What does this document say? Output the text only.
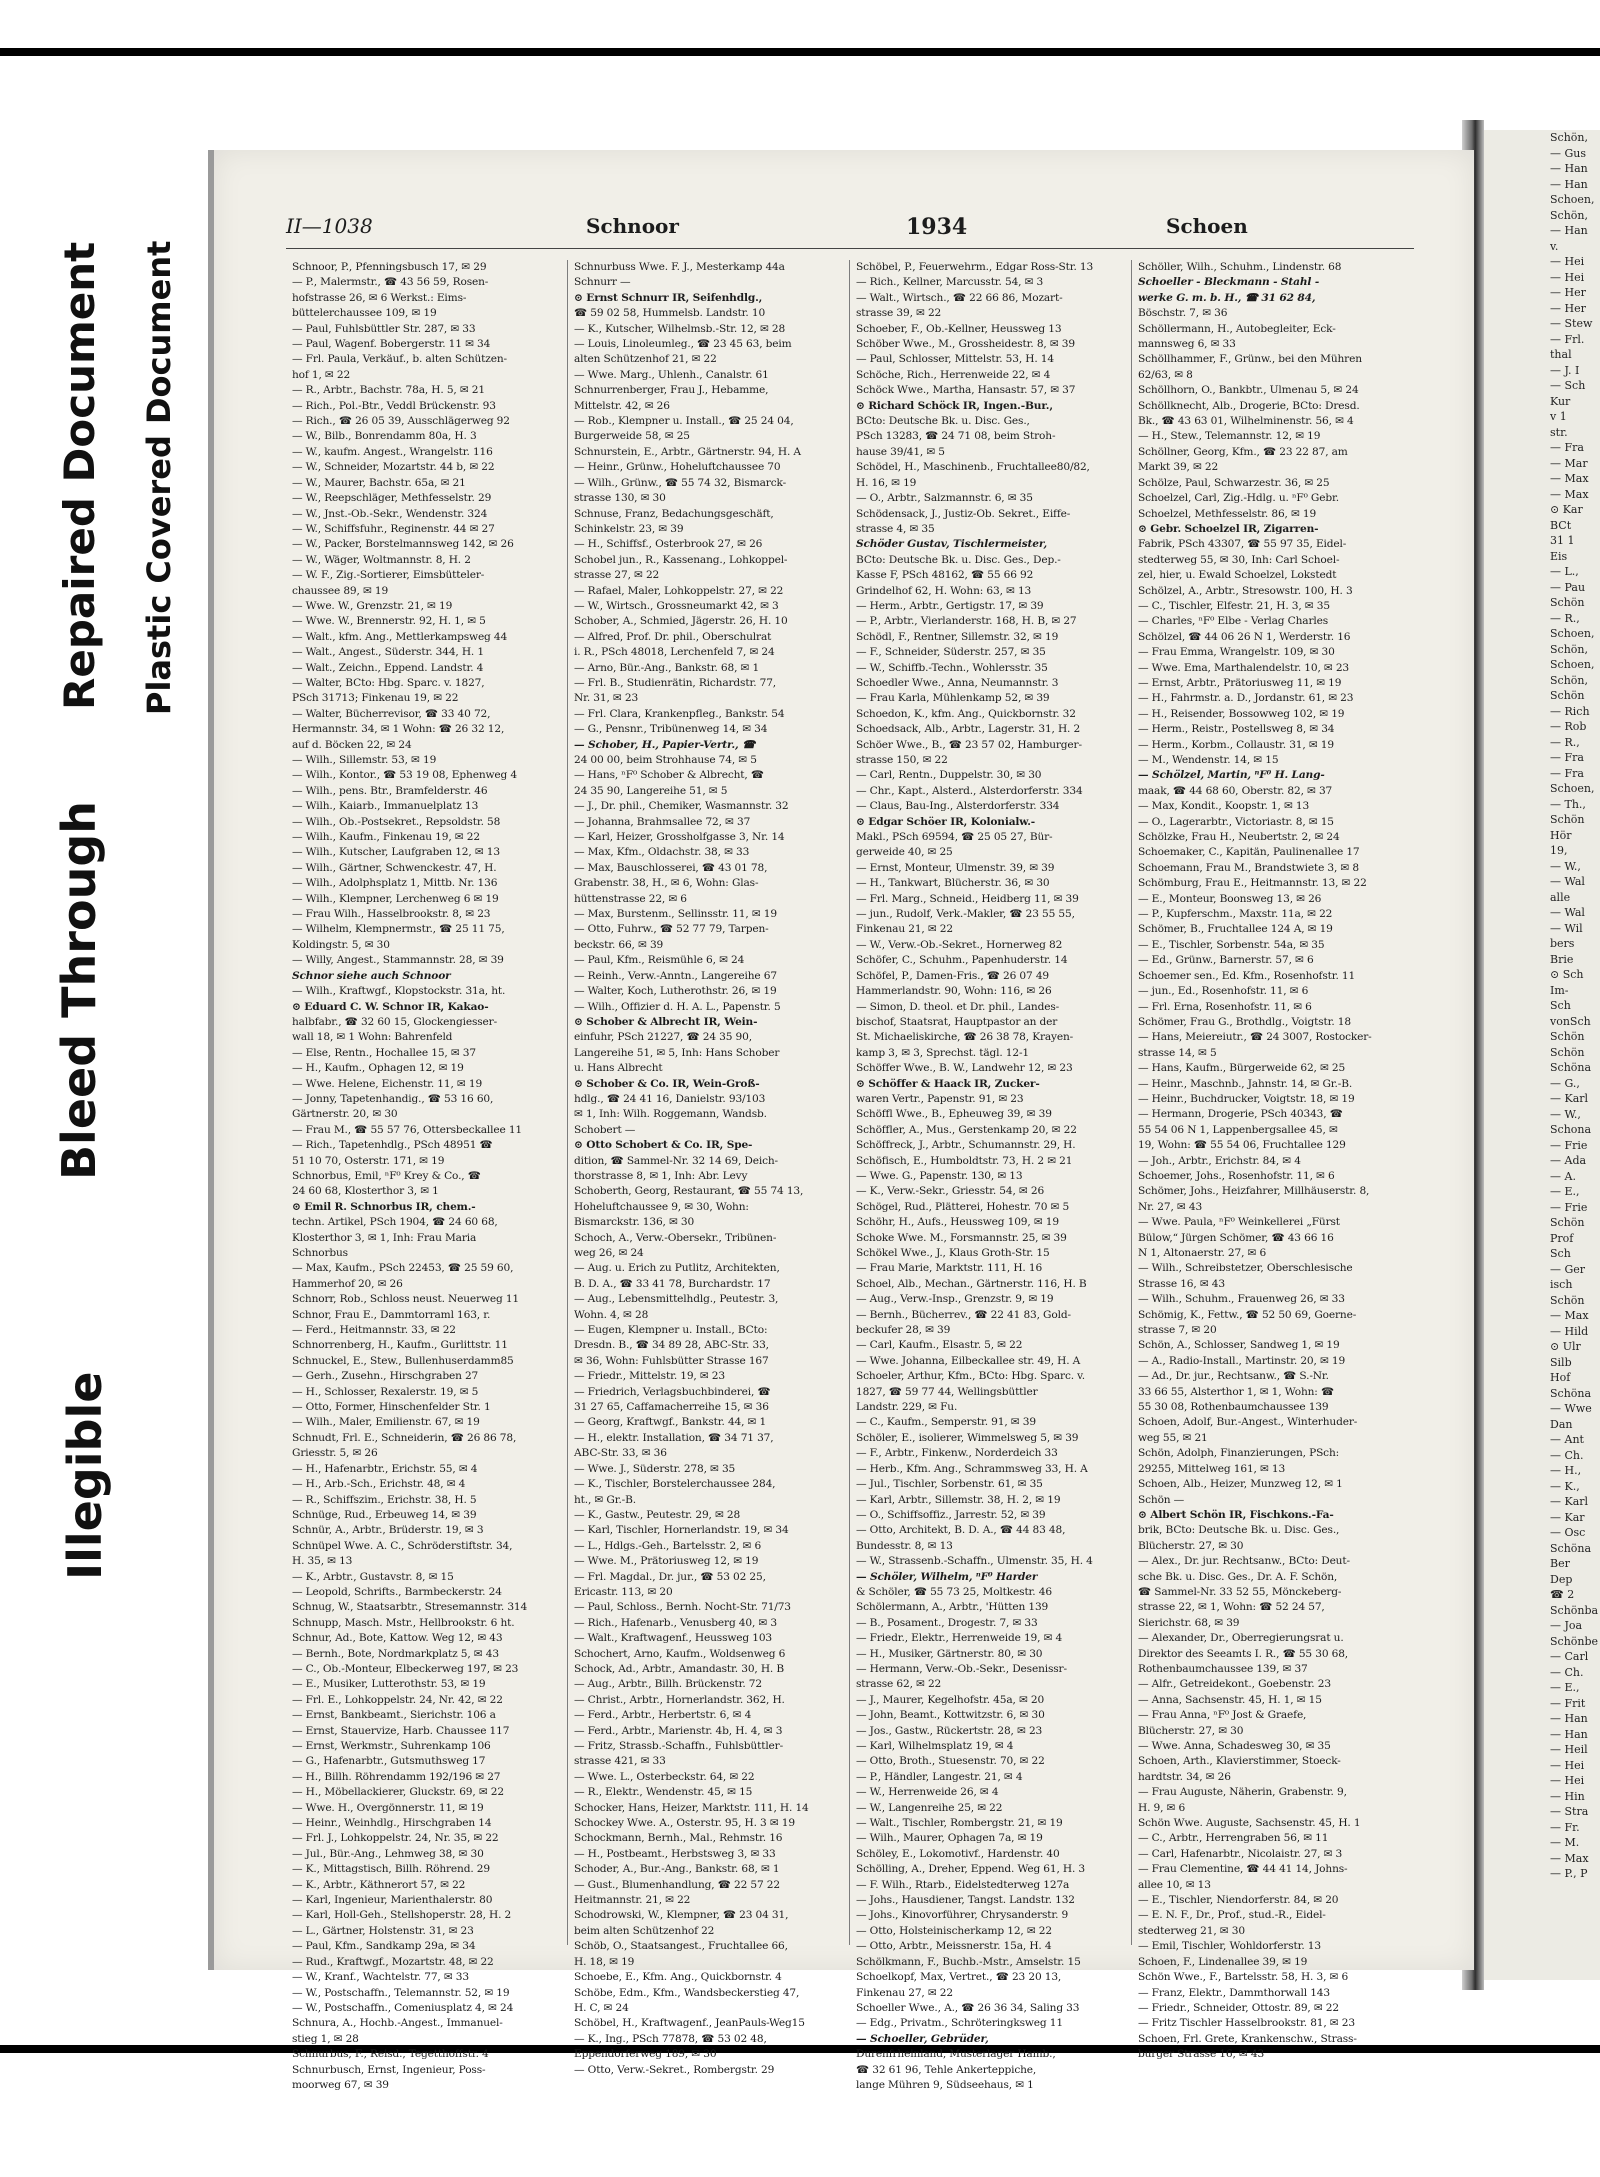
Illegible
Bleed Through
Repaired Document Plastic Covered Document
Schön,
— Gus
— Han
— Han
Schoen,
Schön,
— Han
v.
— Hei
— Hei
— Her
— Her
— Stew
— Frl.
thal
— J. I
— Sch
Kur
v 1
str.
— Fra
— Mar
— Max
— Max
⊙ Kar
BCt
31 1
Eis
— L.,
— Pau
Schön
— R.,
Schoen,
Schön,
Schoen,
Schön,
Schön
— Rich
— Rob
— R.,
— Fra
— Fra
Schoen,
— Th.,
Schön
Hör
19,
— W.,
— Wal
alle
— Wal
— Wil
bers
Brie
⊙ Sch
Im-
Sch
vonSch
Schön
Schön
Schöna
— G.,
— Karl
— W.,
Schona
— Frie
— Ada
— A.
— E.,
— Frie
Schön
Prof
Sch
— Ger
isch
Schön
— Max
— Hild
⊙ Ulr
Silb
Hof
Schöna
— Wwe
Dan
— Ant
— Ch.
— H.,
— K.,
— Karl
— Kar
— Osc
Schöna
Ber
Dep
☎ 2
Schönba
— Joa
Schönbe
— Carl
— Ch.
— E.,
— Frit
— Han
— Han
— Heil
— Hei
— Hei
— Hin
— Stra
— Fr.
— M.
— Max
— P., P
II—1038	Schnoor	1934	Schoen
Schnoor, P., Pfenningsbusch 17, ✉ 29
— P., Malermstr., ☎ 43 56 59, Rosen-
hofstrasse 26, ✉ 6 Werkst.: Eims-
büttelerchaussee 109, ✉ 19
— Paul, Fuhlsbüttler Str. 287, ✉ 33
— Paul, Wagenf. Bobergerstr. 11 ✉ 34
— Frl. Paula, Verkäuf., b. alten Schützen-
hof 1, ✉ 22
— R., Arbtr., Bachstr. 78a, H. 5, ✉ 21
— Rich., Pol.-Btr., Veddl Brückenstr. 93
— Rich., ☎ 26 05 39, Ausschlägerweg 92
— W., Bilb., Bonrendamm 80a, H. 3
— W., kaufm. Angest., Wrangelstr. 116
— W., Schneider, Mozartstr. 44 b, ✉ 22
— W., Maurer, Bachstr. 65a, ✉ 21
— W., Reepschläger, Methfesselstr. 29
— W., Jnst.-Ob.-Sekr., Wendenstr. 324
— W., Schiffsfuhr., Reginenstr. 44 ✉ 27
— W., Packer, Borstelmannsweg 142, ✉ 26
— W., Wäger, Woltmannstr. 8, H. 2
— W. F., Zig.-Sortierer, Eimsbütteler-
chaussee 89, ✉ 19
— Wwe. W., Grenzstr. 21, ✉ 19
— Wwe. W., Brennerstr. 92, H. 1, ✉ 5
— Walt., kfm. Ang., Mettlerkampsweg 44
— Walt., Angest., Süderstr. 344, H. 1
— Walt., Zeichn., Eppend. Landstr. 4
— Walter, BCto: Hbg. Sparc. v. 1827,
PSch 31713; Finkenau 19, ✉ 22
— Walter, Bücherrevisor, ☎ 33 40 72,
Hermannstr. 34, ✉ 1 Wohn: ☎ 26 32 12,
auf d. Böcken 22, ✉ 24
— Wilh., Sillemstr. 53, ✉ 19
— Wilh., Kontor., ☎ 53 19 08, Ephenweg 4
— Wilh., pens. Btr., Bramfelderstr. 46
— Wilh., Kaiarb., Immanuelplatz 13
— Wilh., Ob.-Postsekret., Repsoldstr. 58
— Wilh., Kaufm., Finkenau 19, ✉ 22
— Wilh., Kutscher, Laufgraben 12, ✉ 13
— Wilh., Gärtner, Schwenckestr. 47, H.
— Wilh., Adolphsplatz 1, Mittb. Nr. 136
— Wilh., Klempner, Lerchenweg 6 ✉ 19
— Frau Wilh., Hasselbrookstr. 8, ✉ 23
— Wilhelm, Klempnermstr., ☎ 25 11 75,
Koldingstr. 5, ✉ 30
— Willy, Angest., Stammannstr. 28, ✉ 39
Schnor siehe auch Schnoor
— Wilh., Kraftwgf., Klopstockstr. 31a, ht.
⊙ Eduard C. W. Schnor IR, Kakao-
halbfabr., ☎ 32 60 15, Glockengiesser-
wall 18, ✉ 1 Wohn: Bahrenfeld
— Else, Rentn., Hochallee 15, ✉ 37
— H., Kaufm., Ophagen 12, ✉ 19
— Wwe. Helene, Eichenstr. 11, ✉ 19
— Jonny, Tapetenhandig., ☎ 53 16 60,
Gärtnerstr. 20, ✉ 30
— Frau M., ☎ 55 57 76, Ottersbeckallee 11
— Rich., Tapetenhdlg., PSch 48951 ☎
51 10 70, Osterstr. 171, ✉ 19
Schnorbus, Emil, ⁿF⁰ Krey & Co., ☎
24 60 68, Klosterthor 3, ✉ 1
⊙ Emil R. Schnorbus IR, chem.-
techn. Artikel, PSch 1904, ☎ 24 60 68,
Klosterthor 3, ✉ 1, Inh: Frau Maria
Schnorbus
— Max, Kaufm., PSch 22453, ☎ 25 59 60,
Hammerhof 20, ✉ 26
Schnorr, Rob., Schloss neust. Neuerweg 11
Schnor, Frau E., Dammtorraml 163, r.
— Ferd., Heitmannstr. 33, ✉ 22
Schnorrenberg, H., Kaufm., Gurlittstr. 11
Schnuckel, E., Stew., Bullenhuserdamm85
— Gerh., Zusehn., Hirschgraben 27
— H., Schlosser, Rexalerstr. 19, ✉ 5
— Otto, Former, Hinschenfelder Str. 1
— Wilh., Maler, Emilienstr. 67, ✉ 19
Schnudt, Frl. E., Schneiderin, ☎ 26 86 78,
Griesstr. 5, ✉ 26
— H., Hafenarbtr., Erichstr. 55, ✉ 4
— H., Arb.-Sch., Erichstr. 48, ✉ 4
— R., Schiffszim., Erichstr. 38, H. 5
Schnüge, Rud., Erbeuweg 14, ✉ 39
Schnür, A., Arbtr., Brüderstr. 19, ✉ 3
Schnüpel Wwe. A. C., Schröderstiftstr. 34,
H. 35, ✉ 13
— K., Arbtr., Gustavstr. 8, ✉ 15
— Leopold, Schrifts., Barmbeckerstr. 24
Schnug, W., Staatsarbtr., Stresemannstr. 314
Schnupp, Masch. Mstr., Hellbrookstr. 6 ht.
Schnur, Ad., Bote, Kattow. Weg 12, ✉ 43
— Bernh., Bote, Nordmarkplatz 5, ✉ 43
— C., Ob.-Monteur, Elbeckerweg 197, ✉ 23
— E., Musiker, Lutterothstr. 53, ✉ 19
— Frl. E., Lohkoppelstr. 24, Nr. 42, ✉ 22
— Ernst, Bankbeamt., Sierichstr. 106 a
— Ernst, Stauervize, Harb. Chaussee 117
— Ernst, Werkmstr., Suhrenkamp 106
— G., Hafenarbtr., Gutsmuthsweg 17
— H., Billh. Röhrendamm 192/196 ✉ 27
— H., Möbellackierer, Gluckstr. 69, ✉ 22
— Wwe. H., Overgönnerstr. 11, ✉ 19
— Heinr., Weinhdlg., Hirschgraben 14
— Frl. J., Lohkoppelstr. 24, Nr. 35, ✉ 22
— Jul., Bür.-Ang., Lehmweg 38, ✉ 30
— K., Mittagstisch, Billh. Röhrend. 29
— K., Arbtr., Käthnerort 57, ✉ 22
— Karl, Ingenieur, Marienthalerstr. 80
— Karl, Holl-Geh., Stellshoperstr. 28, H. 2
— L., Gärtner, Holstenstr. 31, ✉ 23
— Paul, Kfm., Sandkamp 29a, ✉ 34
— Rud., Kraftwgf., Mozartstr. 48, ✉ 22
— W., Kranf., Wachtelstr. 77, ✉ 33
— W., Postschaffn., Telemannstr. 52, ✉ 19
— W., Postschaffn., Comeniusplatz 4, ✉ 24
Schnura, A., Hochb.-Angest., Immanuel-
stieg 1, ✉ 28
Schnurbus, F., Reisd., Tegetthoffstr. 4
Schnurbusch, Ernst, Ingenieur, Poss-
moorweg 67, ✉ 39
Schnurbuss Wwe. F. J., Mesterkamp 44a
Schnurr —
⊙ Ernst Schnurr IR, Seifenhdlg.,
☎ 59 02 58, Hummelsb. Landstr. 10
— K., Kutscher, Wilhelmsb.-Str. 12, ✉ 28
— Louis, Linoleumleg., ☎ 23 45 63, beim
alten Schützenhof 21, ✉ 22
— Wwe. Marg., Uhlenh., Canalstr. 61
Schnurrenberger, Frau J., Hebamme,
Mittelstr. 42, ✉ 26
— Rob., Klempner u. Install., ☎ 25 24 04,
Burgerweide 58, ✉ 25
Schnurstein, E., Arbtr., Gärtnerstr. 94, H. A
— Heinr., Grünw., Hoheluftchaussee 70
— Wilh., Grünw., ☎ 55 74 32, Bismarck-
strasse 130, ✉ 30
Schnuse, Franz, Bedachungsgeschäft,
Schinkelstr. 23, ✉ 39
— H., Schiffsf., Osterbrook 27, ✉ 26
Schobel jun., R., Kassenang., Lohkoppel-
strasse 27, ✉ 22
— Rafael, Maler, Lohkoppelstr. 27, ✉ 22
— W., Wirtsch., Grossneumarkt 42, ✉ 3
Schober, A., Schmied, Jägerstr. 26, H. 10
— Alfred, Prof. Dr. phil., Oberschulrat
i. R., PSch 48018, Lerchenfeld 7, ✉ 24
— Arno, Bür.-Ang., Bankstr. 68, ✉ 1
— Frl. B., Studienrätin, Richardstr. 77,
Nr. 31, ✉ 23
— Frl. Clara, Krankenpfleg., Bankstr. 54
— G., Pensnr., Tribünenweg 14, ✉ 34
— Schober, H., Papier-Vertr., ☎
24 00 00, beim Strohhause 74, ✉ 5
— Hans, ⁿF⁰ Schober & Albrecht, ☎
24 35 90, Langereihe 51, ✉ 5
— J., Dr. phil., Chemiker, Wasmannstr. 32
— Johanna, Brahmsallee 72, ✉ 37
— Karl, Heizer, Grossholfgasse 3, Nr. 14
— Max, Kfm., Oldachstr. 38, ✉ 33
— Max, Bauschlosserei, ☎ 43 01 78,
Grabenstr. 38, H., ✉ 6, Wohn: Glas-
hüttenstrasse 22, ✉ 6
— Max, Burstenm., Sellinsstr. 11, ✉ 19
— Otto, Fuhrw., ☎ 52 77 79, Tarpen-
beckstr. 66, ✉ 39
— Paul, Kfm., Reismühle 6, ✉ 24
— Reinh., Verw.-Anntn., Langereihe 67
— Walter, Koch, Lutherothstr. 26, ✉ 19
— Wilh., Offizier d. H. A. L., Papenstr. 5
⊙ Schober & Albrecht IR, Wein-
einfuhr, PSch 21227, ☎ 24 35 90,
Langereihe 51, ✉ 5, Inh: Hans Schober
u. Hans Albrecht
⊙ Schober & Co. IR, Wein-Groß-
hdlg., ☎ 24 41 16, Danielstr. 93/103
✉ 1, Inh: Wilh. Roggemann, Wandsb.
Schobert —
⊙ Otto Schobert & Co. IR, Spe-
dition, ☎ Sammel-Nr. 32 14 69, Deich-
thorstrasse 8, ✉ 1, Inh: Abr. Levy
Schoberth, Georg, Restaurant, ☎ 55 74 13,
Hoheluftchaussee 9, ✉ 30, Wohn:
Bismarckstr. 136, ✉ 30
Schoch, A., Verw.-Obersekr., Tribünen-
weg 26, ✉ 24
— Aug. u. Erich zu Putlitz, Architekten,
B. D. A., ☎ 33 41 78, Burchardstr. 17
— Aug., Lebensmittelhdlg., Peutestr. 3,
Wohn. 4, ✉ 28
— Eugen, Klempner u. Install., BCto:
Dresdn. B., ☎ 34 89 28, ABC-Str. 33,
✉ 36, Wohn: Fuhlsbütter Strasse 167
— Friedr., Mittelstr. 19, ✉ 23
— Friedrich, Verlagsbuchbinderei, ☎
31 27 65, Caffamacherreihe 15, ✉ 36
— Georg, Kraftwgf., Bankstr. 44, ✉ 1
— H., elektr. Installation, ☎ 34 71 37,
ABC-Str. 33, ✉ 36
— Wwe. J., Süderstr. 278, ✉ 35
— K., Tischler, Borstelerchaussee 284,
ht., ✉ Gr.-B.
— K., Gastw., Peutestr. 29, ✉ 28
— Karl, Tischler, Hornerlandstr. 19, ✉ 34
— L., Hdlgs.-Geh., Bartelsstr. 2, ✉ 6
— Wwe. M., Prätoriusweg 12, ✉ 19
— Frl. Magdal., Dr. jur., ☎ 53 02 25,
Ericastr. 113, ✉ 20
— Paul, Schloss., Bernh. Nocht-Str. 71/73
— Rich., Hafenarb., Venusberg 40, ✉ 3
— Walt., Kraftwagenf., Heussweg 103
Schochert, Arno, Kaufm., Woldsenweg 6
Schock, Ad., Arbtr., Amandastr. 30, H. B
— Aug., Arbtr., Billh. Brückenstr. 72
— Christ., Arbtr., Hornerlandstr. 362, H.
— Ferd., Arbtr., Herbertstr. 6, ✉ 4
— Ferd., Arbtr., Marienstr. 4b, H. 4, ✉ 3
— Fritz, Strassb.-Schaffn., Fuhlsbüttler-
strasse 421, ✉ 33
— Wwe. L., Osterbeckstr. 64, ✉ 22
— R., Elektr., Wendenstr. 45, ✉ 15
Schocker, Hans, Heizer, Marktstr. 111, H. 14
Schockey Wwe. A., Osterstr. 95, H. 3 ✉ 19
Schockmann, Bernh., Mal., Rehmstr. 16
— H., Postbeamt., Herbstsweg 3, ✉ 33
Schoder, A., Bur.-Ang., Bankstr. 68, ✉ 1
— Gust., Blumenhandlung, ☎ 22 57 22
Heitmannstr. 21, ✉ 22
Schodrowski, W., Klempner, ☎ 23 04 31,
beim alten Schützenhof 22
Schöb, O., Staatsangest., Fruchtallee 66,
H. 18, ✉ 19
Schoebe, E., Kfm. Ang., Quickbornstr. 4
Schöbe, Edm., Kfm., Wandsbeckerstieg 47,
H. C, ✉ 24
Schöbel, H., Kraftwagenf., JeanPauls-Weg15
— K., Ing., PSch 77878, ☎ 53 02 48,
Eppendorferweg 189, ✉ 30
— Otto, Verw.-Sekret., Rombergstr. 29
Schöbel, P., Feuerwehrm., Edgar Ross-Str. 13
— Rich., Kellner, Marcusstr. 54, ✉ 3
— Walt., Wirtsch., ☎ 22 66 86, Mozart-
strasse 39, ✉ 22
Schoeber, F., Ob.-Kellner, Heussweg 13
Schöber Wwe., M., Grossheidestr. 8, ✉ 39
— Paul, Schlosser, Mittelstr. 53, H. 14
Schöche, Rich., Herrenweide 22, ✉ 4
Schöck Wwe., Martha, Hansastr. 57, ✉ 37
⊙ Richard Schöck IR, Ingen.-Bur.,
BCto: Deutsche Bk. u. Disc. Ges.,
PSch 13283, ☎ 24 71 08, beim Stroh-
hause 39/41, ✉ 5
Schödel, H., Maschinenb., Fruchtallee80/82,
H. 16, ✉ 19
— O., Arbtr., Salzmannstr. 6, ✉ 35
Schödensack, J., Justiz-Ob. Sekret., Eiffe-
strasse 4, ✉ 35
Schöder Gustav, Tischlermeister,
BCto: Deutsche Bk. u. Disc. Ges., Dep.-
Kasse F, PSch 48162, ☎ 55 66 92
Grindelhof 62, H. Wohn: 63, ✉ 13
— Herm., Arbtr., Gertigstr. 17, ✉ 39
— P., Arbtr., Vierlanderstr. 168, H. B, ✉ 27
Schödl, F., Rentner, Sillemstr. 32, ✉ 19
— F., Schneider, Süderstr. 257, ✉ 35
— W., Schiffb.-Techn., Wohlersstr. 35
Schoedler Wwe., Anna, Neumannstr. 3
— Frau Karla, Mühlenkamp 52, ✉ 39
Schoedon, K., kfm. Ang., Quickbornstr. 32
Schoedsack, Alb., Arbtr., Lagerstr. 31, H. 2
Schöer Wwe., B., ☎ 23 57 02, Hamburger-
strasse 150, ✉ 22
— Carl, Rentn., Duppelstr. 30, ✉ 30
— Chr., Kapt., Alsterd., Alsterdorferstr. 334
— Claus, Bau-Ing., Alsterdorferstr. 334
⊙ Edgar Schöer IR, Kolonialw.-
Makl., PSch 69594, ☎ 25 05 27, Bür-
gerweide 40, ✉ 25
— Ernst, Monteur, Ulmenstr. 39, ✉ 39
— H., Tankwart, Blücherstr. 36, ✉ 30
— Frl. Marg., Schneid., Heidberg 11, ✉ 39
— jun., Rudolf, Verk.-Makler, ☎ 23 55 55,
Finkenau 21, ✉ 22
— W., Verw.-Ob.-Sekret., Hornerweg 82
Schöfer, C., Schuhm., Papenhuderstr. 14
Schöfel, P., Damen-Fris., ☎ 26 07 49
Hammerlandstr. 90, Wohn: 116, ✉ 26
— Simon, D. theol. et Dr. phil., Landes-
bischof, Staatsrat, Hauptpastor an der
St. Michaeliskirche, ☎ 26 38 78, Krayen-
kamp 3, ✉ 3, Sprechst. tägl. 12-1
Schöffer Wwe., B. W., Landwehr 12, ✉ 23
⊙ Schöffer & Haack IR, Zucker-
waren Vertr., Papenstr. 91, ✉ 23
Schöffl Wwe., B., Epheuweg 39, ✉ 39
Schöffler, A., Mus., Gerstenkamp 20, ✉ 22
Schöffreck, J., Arbtr., Schumannstr. 29, H.
Schöfisch, E., Humboldtstr. 73, H. 2 ✉ 21
— Wwe. G., Papenstr. 130, ✉ 13
— K., Verw.-Sekr., Griesstr. 54, ✉ 26
Schögel, Rud., Plätterei, Hohestr. 70 ✉ 5
Schöhr, H., Aufs., Heussweg 109, ✉ 19
Schoke Wwe. M., Forsmannstr. 25, ✉ 39
Schökel Wwe., J., Klaus Groth-Str. 15
— Frau Marie, Marktstr. 111, H. 16
Schoel, Alb., Mechan., Gärtnerstr. 116, H. B
— Aug., Verw.-Insp., Grenzstr. 9, ✉ 19
— Bernh., Bücherrev., ☎ 22 41 83, Gold-
beckufer 28, ✉ 39
— Carl, Kaufm., Elsastr. 5, ✉ 22
— Wwe. Johanna, Eilbeckallee str. 49, H. A
Schoeler, Arthur, Kfm., BCto: Hbg. Sparc. v.
1827, ☎ 59 77 44, Wellingsbüttler
Landstr. 229, ✉ Fu.
— C., Kaufm., Semperstr. 91, ✉ 39
Schöler, E., isolierer, Wimmelsweg 5, ✉ 39
— F., Arbtr., Finkenw., Norderdeich 33
— Herb., Kfm. Ang., Schrammsweg 33, H. A
— Jul., Tischler, Sorbenstr. 61, ✉ 35
— Karl, Arbtr., Sillemstr. 38, H. 2, ✉ 19
— O., Schiffsoffiz., Jarrestr. 52, ✉ 39
— Otto, Architekt, B. D. A., ☎ 44 83 48,
Bundesstr. 8, ✉ 13
— W., Strassenb.-Schaffn., Ulmenstr. 35, H. 4
— Schöler, Wilhelm, ⁿF⁰ Harder
& Schöler, ☎ 55 73 25, Moltkestr. 46
Schölermann, A., Arbtr., 'Hütten 139
— B., Posament., Drogestr. 7, ✉ 33
— Friedr., Elektr., Herrenweide 19, ✉ 4
— H., Musiker, Gärtnerstr. 80, ✉ 30
— Hermann, Verw.-Ob.-Sekr., Desenissr-
strasse 62, ✉ 22
— J., Maurer, Kegelhofstr. 45a, ✉ 20
— John, Beamt., Kottwitzstr. 6, ✉ 30
— Jos., Gastw., Rückertstr. 28, ✉ 23
— Karl, Wilhelmsplatz 19, ✉ 4
— Otto, Broth., Stuesenstr. 70, ✉ 22
— P., Händler, Langestr. 21, ✉ 4
— W., Herrenweide 26, ✉ 4
— W., Langenreihe 25, ✉ 22
— Walt., Tischler, Rombergstr. 21, ✉ 19
— Wilh., Maurer, Ophagen 7a, ✉ 19
Schöley, E., Lokomotivf., Hardenstr. 40
Schölling, A., Dreher, Eppend. Weg 61, H. 3
— F. Wilh., Rtarb., Eidelstedterweg 127a
— Johs., Hausdiener, Tangst. Landstr. 132
— Johs., Kinovorführer, Chrysanderstr. 9
— Otto, Holsteinischerkamp 12, ✉ 22
— Otto, Arbtr., Meissnerstr. 15a, H. 4
Schölkmann, F., Buchb.-Mstr., Amselstr. 15
Schoelkopf, Max, Vertret., ☎ 23 20 13,
Finkenau 27, ✉ 22
Schoeller Wwe., A., ☎ 26 36 34, Saling 33
— Edg., Privatm., Schröteringksweg 11
— Schoeller, Gebrüder,
Durenfrheinland, Musterlager Hamb.,
☎ 32 61 96, Tehle Ankerteppiche,
lange Mühren 9, Südseehaus, ✉ 1
Schöller, Wilh., Schuhm., Lindenstr. 68
Schoeller - Bleckmann - Stahl -
werke G. m. b. H., ☎ 31 62 84,
Böschstr. 7, ✉ 36
Schöllermann, H., Autobegleiter, Eck-
mannsweg 6, ✉ 33
Schöllhammer, F., Grünw., bei den Mühren
62/63, ✉ 8
Schöllhorn, O., Bankbtr., Ulmenau 5, ✉ 24
Schöllknecht, Alb., Drogerie, BCto: Dresd.
Bk., ☎ 43 63 01, Wilhelminenstr. 56, ✉ 4
— H., Stew., Telemannstr. 12, ✉ 19
Schöllner, Georg, Kfm., ☎ 23 22 87, am
Markt 39, ✉ 22
Schölze, Paul, Schwarzestr. 36, ✉ 25
Schoelzel, Carl, Zig.-Hdlg. u. ⁿF⁰ Gebr.
Schoelzel, Methfesselstr. 86, ✉ 19
⊙ Gebr. Schoelzel IR, Zigarren-
Fabrik, PSch 43307, ☎ 55 97 35, Eidel-
stedterweg 55, ✉ 30, Inh: Carl Schoel-
zel, hier, u. Ewald Schoelzel, Lokstedt
Schölzel, A., Arbtr., Stresowstr. 100, H. 3
— C., Tischler, Elfestr. 21, H. 3, ✉ 35
— Charles, ⁿF⁰ Elbe - Verlag Charles
Schölzel, ☎ 44 06 26 N 1, Werderstr. 16
— Frau Emma, Wrangelstr. 109, ✉ 30
— Wwe. Ema, Marthalendelstr. 10, ✉ 23
— Ernst, Arbtr., Prätoriusweg 11, ✉ 19
— H., Fahrmstr. a. D., Jordanstr. 61, ✉ 23
— H., Reisender, Bossowweg 102, ✉ 19
— Herm., Reistr., Postellsweg 8, ✉ 34
— Herm., Korbm., Collaustr. 31, ✉ 19
— M., Wendenstr. 14, ✉ 15
— Schölzel, Martin, ⁿF⁰ H. Lang-
maak, ☎ 44 68 60, Oberstr. 82, ✉ 37
— Max, Kondit., Koopstr. 1, ✉ 13
— O., Lagerarbtr., Victoriastr. 8, ✉ 15
Schölzke, Frau H., Neubertstr. 2, ✉ 24
Schoemaker, C., Kapitän, Paulinenallee 17
Schoemann, Frau M., Brandstwiete 3, ✉ 8
Schömburg, Frau E., Heitmannstr. 13, ✉ 22
— E., Monteur, Boonsweg 13, ✉ 26
— P., Kupferschm., Maxstr. 11a, ✉ 22
Schömer, B., Fruchtallee 124 A, ✉ 19
— E., Tischler, Sorbenstr. 54a, ✉ 35
— Ed., Grünw., Barnerstr. 57, ✉ 6
Schoemer sen., Ed. Kfm., Rosenhofstr. 11
— jun., Ed., Rosenhofstr. 11, ✉ 6
— Frl. Erna, Rosenhofstr. 11, ✉ 6
Schömer, Frau G., Brothdlg., Voigtstr. 18
— Hans, Meiereiutr., ☎ 24 3007, Rostocker-
strasse 14, ✉ 5
— Hans, Kaufm., Bürgerweide 62, ✉ 25
— Heinr., Maschnb., Jahnstr. 14, ✉ Gr.-B.
— Heinr., Buchdrucker, Voigtstr. 18, ✉ 19
— Hermann, Drogerie, PSch 40343, ☎
55 54 06 N 1, Lappenbergsallee 45, ✉
19, Wohn: ☎ 55 54 06, Fruchtallee 129
— Joh., Arbtr., Erichstr. 84, ✉ 4
Schoemer, Johs., Rosenhofstr. 11, ✉ 6
Schömer, Johs., Heizfahrer, Millhäuserstr. 8,
Nr. 27, ✉ 43
— Wwe. Paula, ⁿF⁰ Weinkellerei „Fürst
Bülow,“ Jürgen Schömer, ☎ 43 66 16
N 1, Altonaerstr. 27, ✉ 6
— Wilh., Schreibstetzer, Oberschlesische
Strasse 16, ✉ 43
— Wilh., Schuhm., Frauenweg 26, ✉ 33
Schömig, K., Fettw., ☎ 52 50 69, Goerne-
strasse 7, ✉ 20
Schön, A., Schlosser, Sandweg 1, ✉ 19
— A., Radio-Install., Martinstr. 20, ✉ 19
— Ad., Dr. jur., Rechtsanw., ☎ S.-Nr.
33 66 55, Alsterthor 1, ✉ 1, Wohn: ☎
55 30 08, Rothenbaumchaussee 139
Schoen, Adolf, Bur.-Angest., Winterhuder-
weg 55, ✉ 21
Schön, Adolph, Finanzierungen, PSch:
29255, Mittelweg 161, ✉ 13
Schoen, Alb., Heizer, Munzweg 12, ✉ 1
Schön —
⊙ Albert Schön IR, Fischkons.-Fa-
brik, BCto: Deutsche Bk. u. Disc. Ges.,
Blücherstr. 27, ✉ 30
— Alex., Dr. jur. Rechtsanw., BCto: Deut-
sche Bk. u. Disc. Ges., Dr. A. F. Schön,
☎ Sammel-Nr. 33 52 55, Mönckeberg-
strasse 22, ✉ 1, Wohn: ☎ 52 24 57,
Sierichstr. 68, ✉ 39
— Alexander, Dr., Oberregierungsrat u.
Direktor des Seeamts I. R., ☎ 55 30 68,
Rothenbaumchaussee 139, ✉ 37
— Alfr., Getreidekont., Goebenstr. 23
— Anna, Sachsenstr. 45, H. 1, ✉ 15
— Frau Anna, ⁿF⁰ Jost & Graefe,
Blücherstr. 27, ✉ 30
— Wwe. Anna, Schadesweg 30, ✉ 35
Schoen, Arth., Klavierstimmer, Stoeck-
hardtstr. 34, ✉ 26
— Frau Auguste, Näherin, Grabenstr. 9,
H. 9, ✉ 6
Schön Wwe. Auguste, Sachsenstr. 45, H. 1
— C., Arbtr., Herrengraben 56, ✉ 11
— Carl, Hafenarbtr., Nicolaistr. 27, ✉ 3
— Frau Clementine, ☎ 44 41 14, Johns-
allee 10, ✉ 13
— E., Tischler, Niendorferstr. 84, ✉ 20
— E. N. F., Dr., Prof., stud.-R., Eidel-
stedterweg 21, ✉ 30
— Emil, Tischler, Wohldorferstr. 13
Schoen, F., Lindenallee 39, ✉ 19
Schön Wwe., F., Bartelsstr. 58, H. 3, ✉ 6
— Franz, Elektr., Dammthorwall 143
— Friedr., Schneider, Ottostr. 89, ✉ 22
— Fritz Tischler Hasselbrookstr. 81, ✉ 23
Schoen, Frl. Grete, Krankenschw., Strass-
burger Strasse 16, ✉ 43
